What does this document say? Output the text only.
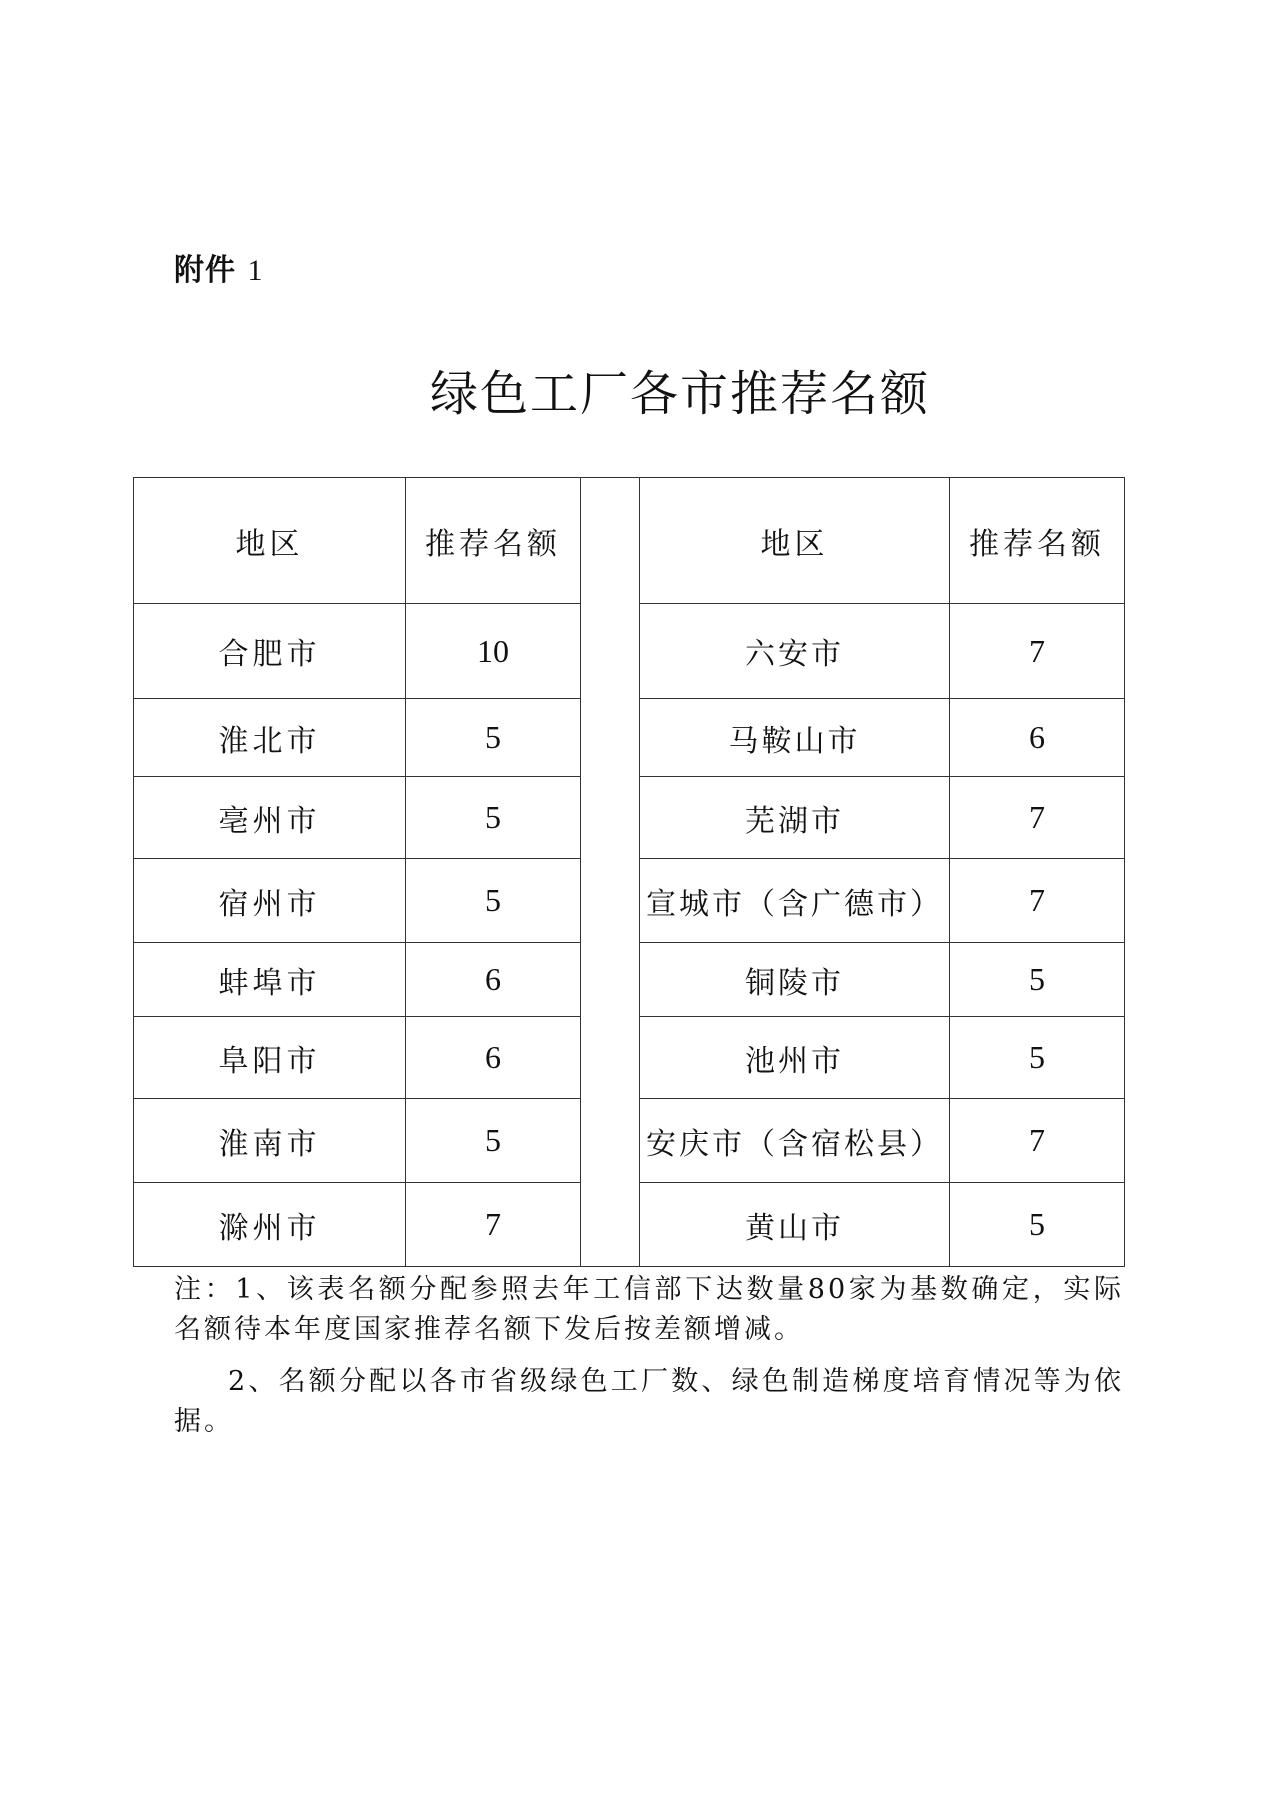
附件 1
绿色工厂各市推荐名额
地区	推荐名额		地区	推荐名额
合肥市	10		六安市	7
淮北市	5		马鞍山市	6
亳州市	5		芜湖市	7
宿州市	5		宣城市（含广德市）	7
蚌埠市	6		铜陵市	5
阜阳市	6		池州市	5
淮南市	5		安庆市（含宿松县）	7
滁州市	7		黄山市	5
注：1、该表名额分配参照去年工信部下达数量80家为基数确定，实际名额待本年度国家推荐名额下发后按差额增减。
2、名额分配以各市省级绿色工厂数、绿色制造梯度培育情况等为依据。
